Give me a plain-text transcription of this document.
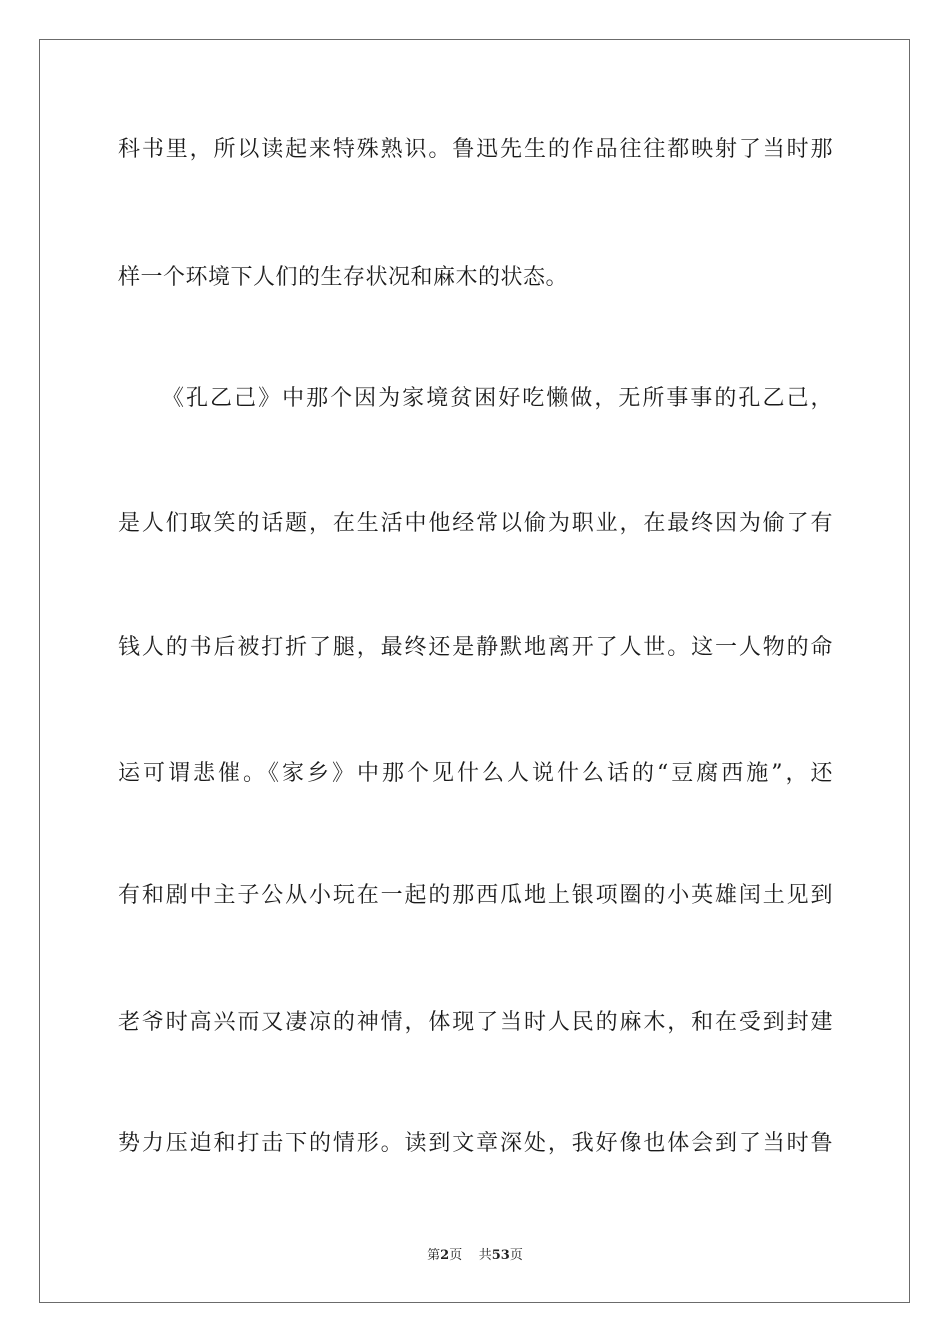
科书里，所以读起来特殊熟识。鲁迅先生的作品往往都映射了当时那
样一个环境下人们的生存状况和麻木的状态。
《孔乙己》中那个因为家境贫困好吃懒做，无所事事的孔乙己，
是人们取笑的话题，在生活中他经常以偷为职业，在最终因为偷了有
钱人的书后被打折了腿，最终还是静默地离开了人世。这一人物的命
运可谓悲催。《家乡》中那个见什么人说什么话的“豆腐西施”，还
有和剧中主子公从小玩在一起的那西瓜地上银项圈的小英雄闰土见到
老爷时高兴而又凄凉的神情，体现了当时人民的麻木，和在受到封建
势力压迫和打击下的情形。读到文章深处，我好像也体会到了当时鲁
第2页 共53页
